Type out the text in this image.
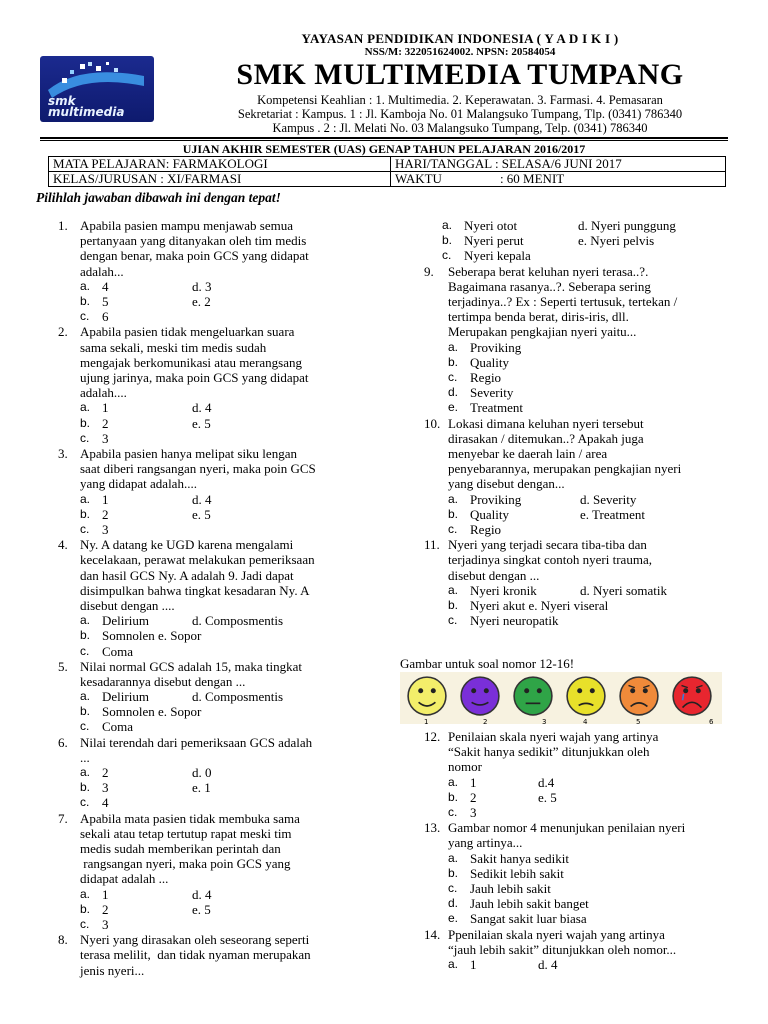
smk
multimedia
YAYASAN PENDIDIKAN INDONESIA ( Y A D I K I )
NSS/M: 322051624002. NPSN: 20584054
SMK MULTIMEDIA TUMPANG
Kompetensi Keahlian : 1. Multimedia. 2. Keperawatan. 3. Farmasi. 4. Pemasaran
Sekretariat : Kampus. 1 : Jl. Kamboja No. 01 Malangsuko Tumpang, Tlp. (0341) 786340
Kampus . 2 : Jl. Melati No. 03 Malangsuko Tumpang, Telp. (0341) 786340
UJIAN AKHIR SEMESTER (UAS) GENAP TAHUN PELAJARAN 2016/2017
MATA PELAJARAN: FARMAKOLOGI	HARI/TANGGAL : SELASA/6 JUNI 2017
KELAS/JURUSAN : XI/FARMASI	WAKTU : 60 MENIT
Pilihlah jawaban dibawah ini dengan tepat!
1. Apabila pasien mampu menjawab semua
pertanyaan yang ditanyakan oleh tim medis
dengan benar, maka poin GCS yang didapat
adalah...
a. 4	d. 3
b. 5	e. 2
c. 6
2. Apabila pasien tidak mengeluarkan suara
sama sekali, meski tim medis sudah
mengajak berkomunikasi atau merangsang
ujung jarinya, maka poin GCS yang didapat
adalah....
a. 1	d. 4
b. 2	e. 5
c. 3
3. Apabila pasien hanya melipat siku lengan
saat diberi rangsangan nyeri, maka poin GCS
yang didapat adalah....
a. 1	d. 4
b. 2	e. 5
c. 3
4. Ny. A datang ke UGD karena mengalami
kecelakaan, perawat melakukan pemeriksaan
dan hasil GCS Ny. A adalah 9. Jadi dapat
disimpulkan bahwa tingkat kesadaran Ny. A
disebut dengan ....
a. Delirium	d. Composmentis
b. Somnolen e. Sopor
c. Coma
5. Nilai normal GCS adalah 15, maka tingkat
kesadarannya disebut dengan ...
a. Delirium	d. Composmentis
b. Somnolen e. Sopor
c. Coma
6. Nilai terendah dari pemeriksaan GCS adalah
...
a. 2	d. 0
b. 3	e. 1
c. 4
7. Apabila mata pasien tidak membuka sama
sekali atau tetap tertutup rapat meski tim
medis sudah memberikan perintah dan
rangsangan nyeri, maka poin GCS yang
didapat adalah ...
a. 1	d. 4
b. 2	e. 5
c. 3
8. Nyeri yang dirasakan oleh seseorang seperti
terasa melilit,  dan tidak nyaman merupakan
jenis nyeri...
a. Nyeri otot	d. Nyeri punggung
b. Nyeri perut	e. Nyeri pelvis
c. Nyeri kepala
9. Seberapa berat keluhan nyeri terasa..?.
Bagaimana rasanya..?. Seberapa sering
terjadinya..? Ex : Seperti tertusuk, tertekan /
tertimpa benda berat, diris-iris, dll.
Merupakan pengkajian nyeri yaitu...
a. Proviking
b. Quality
c. Regio
d. Severity
e. Treatment
10. Lokasi dimana keluhan nyeri tersebut
dirasakan / ditemukan..? Apakah juga
menyebar ke daerah lain / area
penyebarannya, merupakan pengkajian nyeri
yang disebut dengan...
a. Proviking	d. Severity
b. Quality	e. Treatment
c. Regio
11. Nyeri yang terjadi secara tiba-tiba dan
terjadinya singkat contoh nyeri trauma,
disebut dengan ...
a. Nyeri kronik	d. Nyeri somatik
b. Nyeri akut e. Nyeri viseral
c. Nyeri neuropatik
Gambar untuk soal nomor 12-16!
1	2	3	4	5	6
12. Penilaian skala nyeri wajah yang artinya
“Sakit hanya sedikit” ditunjukkan oleh
nomor
a. 1	d.4
b. 2	e. 5
c. 3
13. Gambar nomor 4 menunjukan penilaian nyeri
yang artinya...
a. Sakit hanya sedikit
b. Sedikit lebih sakit
c. Jauh lebih sakit
d. Jauh lebih sakit banget
e. Sangat sakit luar biasa
14. Ppenilaian skala nyeri wajah yang artinya
“jauh lebih sakit” ditunjukkan oleh nomor...
a. 1	d. 4
